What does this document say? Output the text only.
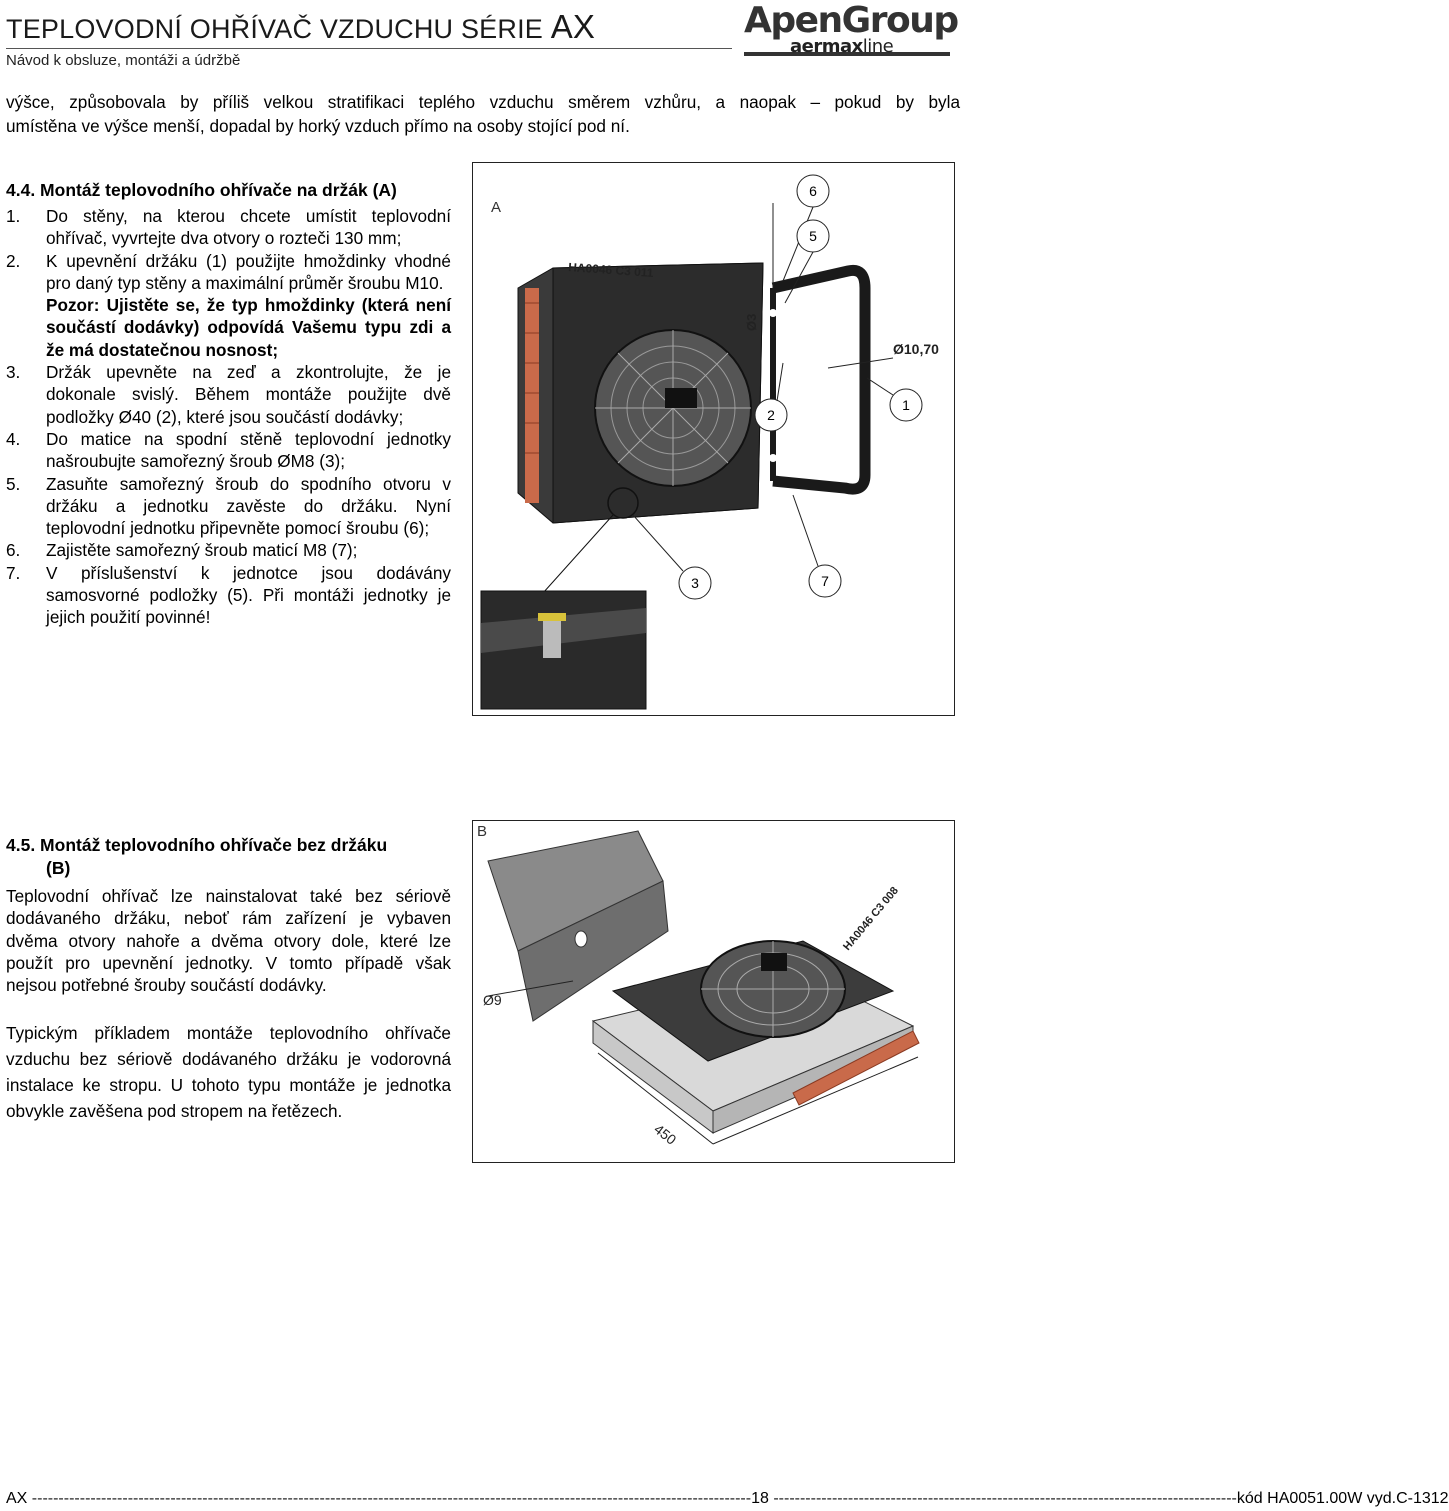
TEPLOVODNÍ OHŘÍVAČ VZDUCHU SÉRIE AX
Návod k obsluze, montáži a údržbě
ApenGroup
aermaxline
výšce, způsobovala by příliš velkou stratifikaci teplého vzduchu směrem vzhůru, a naopak – pokud by byla
umístěna ve výšce menší, dopadal by horký vzduch přímo na osoby stojící pod ní.
4.4. Montáž teplovodního ohřívače na držák (A)
1.	Do stěny, na kterou chcete umístit teplovodní ohřívač, vyvrtejte dva otvory o rozteči 130 mm;
2.	K upevnění držáku (1) použijte hmoždinky vhodné pro daný typ stěny a maximální průměr šroubu M10.
Pozor: Ujistěte se, že typ hmoždinky (která není součástí dodávky) odpovídá Vašemu typu zdi a že má dostatečnou nosnost;
3.	Držák upevněte na zeď a zkontrolujte, že je dokonale svislý. Během montáže použijte dvě podložky Ø40 (2), které jsou součástí dodávky;
4.	Do matice na spodní stěně teplovodní jednotky našroubujte samořezný šroub ØM8 (3);
5.	Zasuňte samořezný šroub do spodního otvoru v držáku a jednotku zavěste do držáku. Nyní teplovodní jednotku připevněte pomocí šroubu (6);
6.	Zajistěte samořezný šroub maticí M8 (7);
7.	V příslušenství k jednotce jsou dodávány samosvorné podložky (5). Při montáži jednotky je jejich použití povinné!
HA0046 C3 011
Ø3
Ø10,70
6
5
2
1
3	7
A
4.5. Montáž teplovodního ohřívače bez držáku
(B)
Teplovodní ohřívač lze nainstalovat také bez sériově dodávaného držáku, neboť rám zařízení je vybaven dvěma otvory nahoře a dvěma otvory dole, které lze použít pro upevnění jednotky. V tomto případě však nejsou potřebné šrouby součástí dodávky.
Typickým příkladem montáže teplovodního ohřívače vzduchu bez sériově dodávaného držáku je vodorovná instalace ke stropu. U tohoto typu montáže je jednotka obvykle zavěšena pod stropem na řetězech.
Ø9
HA0046 C3 008
450
B
AX --------------------------------------------------------------------------------------------------------------------------------------- 18 --------------------------------------------------------------------------------------- kód HA0051.00W vyd.C-1312
